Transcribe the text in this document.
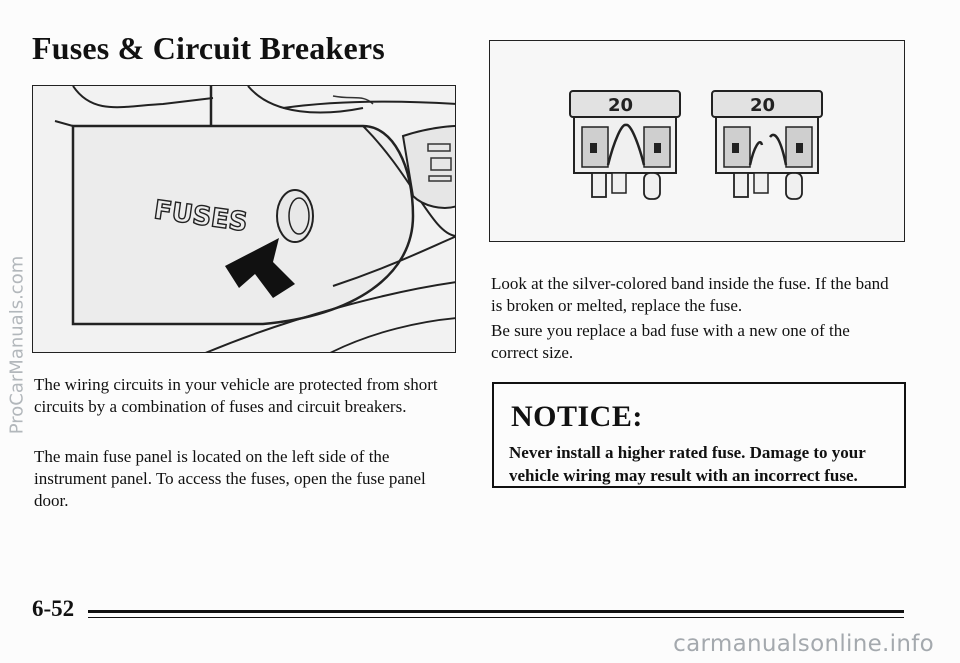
Fuses & Circuit Breakers
FUSES
20	20

The wiring circuits in your vehicle are protected from short circuits by a combination of fuses and circuit breakers.

The main fuse panel is located on the left side of the instrument panel. To access the fuses, open the fuse panel door.

Look at the silver-colored band inside the fuse. If the band is broken or melted, replace the fuse.

Be sure you replace a bad fuse with a new one of the correct size.

NOTICE:

Never install a higher rated fuse. Damage to your vehicle wiring may result with an incorrect fuse.

6-52
ProCarManuals.com
carmanualsonline.info
